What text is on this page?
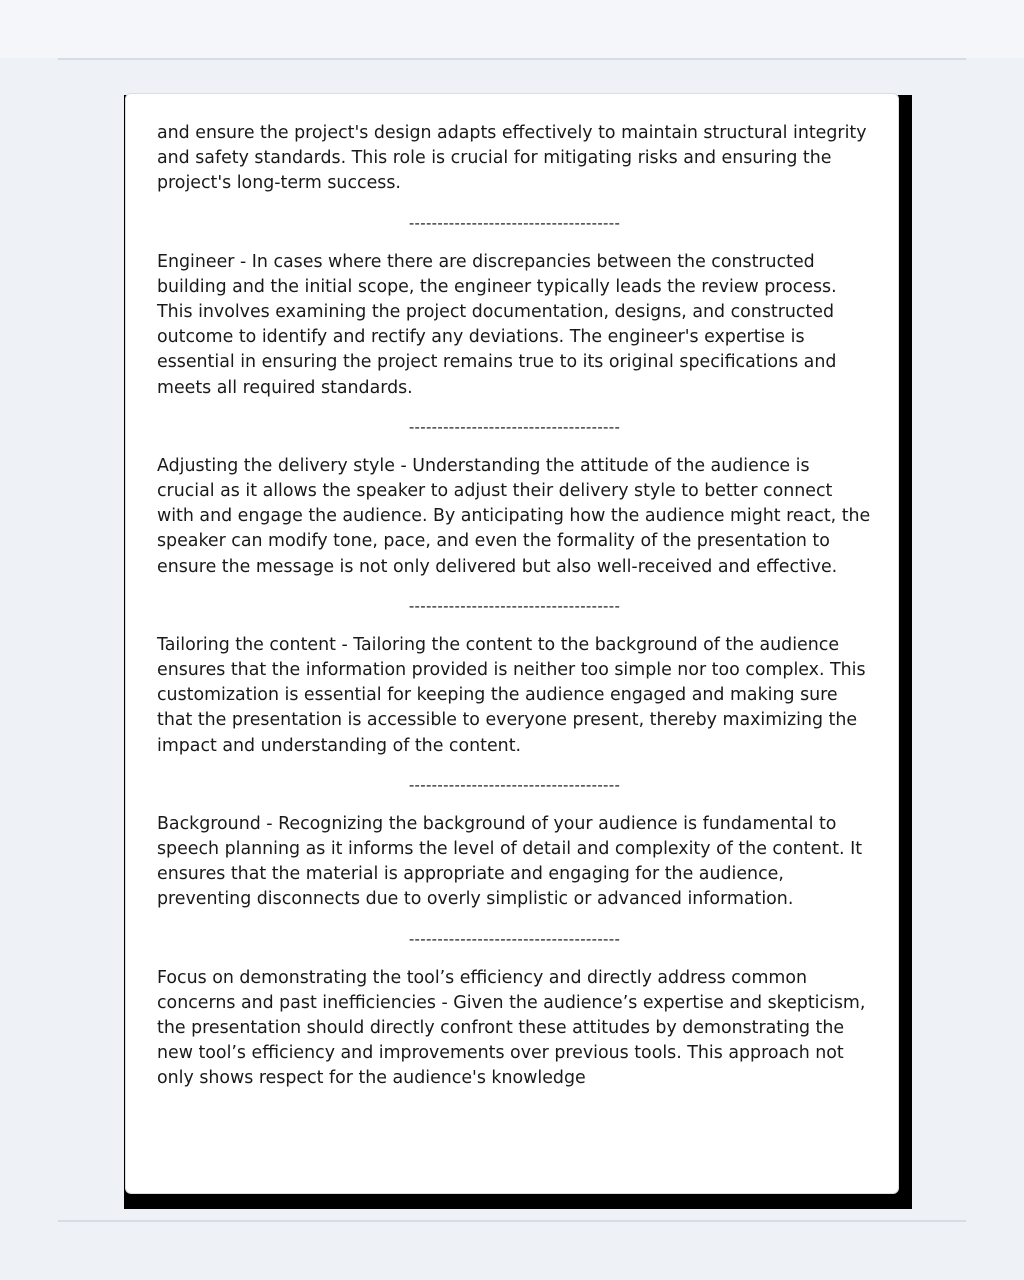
and ensure the project's design adapts effectively to maintain structural integrity and safety standards. This role is crucial for mitigating risks and ensuring the project's long-term success.

-------------------------------------

Engineer - In cases where there are discrepancies between the constructed building and the initial scope, the engineer typically leads the review process. This involves examining the project documentation, designs, and constructed outcome to identify and rectify any deviations. The engineer's expertise is essential in ensuring the project remains true to its original specifications and meets all required standards.

-------------------------------------

Adjusting the delivery style - Understanding the attitude of the audience is crucial as it allows the speaker to adjust their delivery style to better connect with and engage the audience. By anticipating how the audience might react, the speaker can modify tone, pace, and even the formality of the presentation to ensure the message is not only delivered but also well-received and effective.

-------------------------------------

Tailoring the content - Tailoring the content to the background of the audience ensures that the information provided is neither too simple nor too complex. This customization is essential for keeping the audience engaged and making sure that the presentation is accessible to everyone present, thereby maximizing the impact and understanding of the content.

-------------------------------------

Background - Recognizing the background of your audience is fundamental to speech planning as it informs the level of detail and complexity of the content. It ensures that the material is appropriate and engaging for the audience, preventing disconnects due to overly simplistic or advanced information.

-------------------------------------

Focus on demonstrating the tool’s efficiency and directly address common concerns and past inefficiencies - Given the audience’s expertise and skepticism, the presentation should directly confront these attitudes by demonstrating the new tool’s efficiency and improvements over previous tools. This approach not only shows respect for the audience's knowledge
